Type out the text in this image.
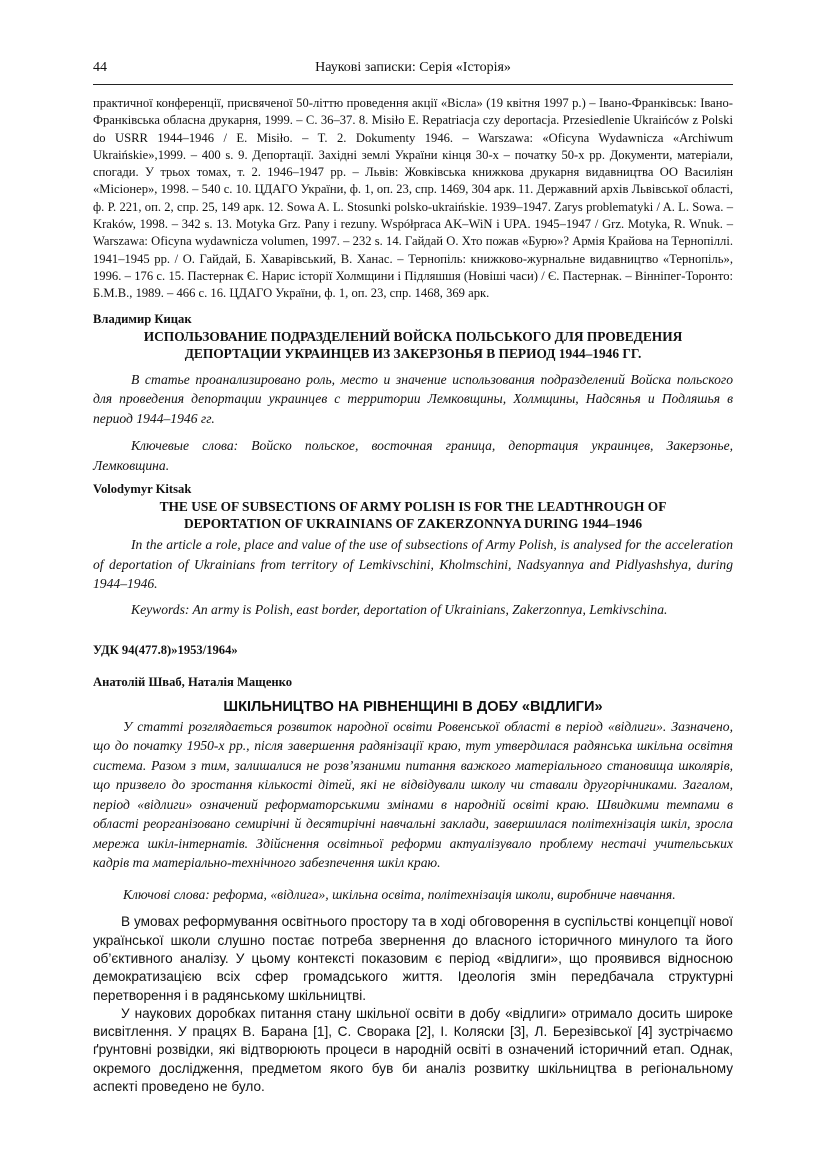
44	Наукові записки: Серія «Історія»
практичної конференції, присвяченої 50-літтю проведення акції «Вісла» (19 квітня 1997 р.) – Івано-Франківськ: Івано-Франківська обласна друкарня, 1999. – С. 36–37. 8. Misiło E. Repatriacja czy deportacja. Przesiedlenie Ukraińców z Polski do USRR 1944–1946 / E. Misiło. – T. 2. Dokumenty 1946. – Warszawa: «Oficyna Wydawnicza «Archiwum Ukraińskie»,1999. – 400 s. 9. Депортації. Західні землі України кінця 30-х – початку 50-х рр. Документи, матеріали, спогади. У трьох томах, т. 2. 1946–1947 рр. – Львів: Жовківська книжкова друкарня видавництва ОО Василіян «Місіонер», 1998. – 540 с. 10. ЦДАГО України, ф. 1, оп. 23, спр. 1469, 304 арк. 11. Державний архів Львівської області, ф. Р. 221, оп. 2, спр. 25, 149 арк. 12. Sowa A. L. Stosunki polsko-ukraińskie. 1939–1947. Zarys problematyki / A. L. Sowa. – Kraków, 1998. – 342 s. 13. Motyka Grz. Pany i rezuny. Współpraca AK–WiN i UPA. 1945–1947 / Grz. Motyka, R. Wnuk. – Warszawa: Oficyna wydawnicza volumen, 1997. – 232 s. 14. Гайдай О. Хто пожав «Бурю»? Армія Крайова на Тернопіллі. 1941–1945 рр. / О. Гайдай, Б. Хаварівський, В. Ханас. – Тернопіль: книжково-журнальне видавництво «Тернопіль», 1996. – 176 с. 15. Пастернак Є. Нарис історії Холмщини і Підляшшя (Новіші часи) / Є. Пастернак. – Вінніпег-Торонто: Б.М.В., 1989. – 466 с. 16. ЦДАГО України, ф. 1, оп. 23, спр. 1468, 369 арк.
Владимир Кицак
ИСПОЛЬЗОВАНИЕ ПОДРАЗДЕЛЕНИЙ ВОЙСКА ПОЛЬСЬКОГО ДЛЯ ПРОВЕДЕНИЯ
ДЕПОРТАЦИИ УКРАИНЦЕВ ИЗ ЗАКЕРЗОНЬЯ В ПЕРИОД 1944–1946 ГГ.

В статье проанализировано роль, место и значение использования подразделений Войска польского для проведения депортации украинцев с территории Лемковщины, Холмщины, Надсянья и Подляшья в период 1944–1946 гг.

Ключевые слова: Войско польское, восточная граница, депортация украинцев, Закерзонье, Лемковщина.

Volodymyr Kitsak
THE USE OF SUBSECTIONS OF ARMY POLISH IS FOR THE LEADTHROUGH OF
DEPORTATION OF UKRAINIANS OF ZAKERZONNYA DURING 1944–1946

In the article a role, place and value of the use of subsections of Army Polish, is analysed for the acceleration of deportation of Ukrainians from territory of Lemkivschini, Kholmschini, Nadsyannya and Pidlyashshya, during 1944–1946.

Keywords: An army is Polish, east border, deportation of Ukrainians, Zakerzonnya, Lemkivschina.

УДК 94(477.8)»1953/1964»
Анатолій Шваб, Наталія Мащенко
ШКІЛЬНИЦТВО НА РІВНЕНЩИНІ В ДОБУ «ВІДЛИГИ»

У статті розглядається розвиток народної освіти Ровенської області в період «відлиги». Зазначено, що до початку 1950-х рр., після завершення радянізації краю, тут утвердилася радянська шкільна освітня система. Разом з тим, залишалися не розв’язаними питання важкого матеріального становища школярів, що призвело до зростання кількості дітей, які не відвідували школу чи ставали другорічниками. Загалом, період «відлиги» означений реформаторськими змінами в народній освіті краю. Швидкими темпами в області реорганізовано семирічні й десятирічні навчальні заклади, завершилася політехнізація шкіл, зросла мережа шкіл-інтернатів. Здійснення освітньої реформи актуалізувало проблему нестачі учительських кадрів та матеріально-технічного забезпечення шкіл краю.

Ключові слова: реформа, «відлига», шкільна освіта, політехнізація школи, виробниче навчання.

В умовах реформування освітнього простору та в ході обговорення в суспільстві концепції нової української школи слушно постає потреба звернення до власного історичного минулого та його об’єктивного аналізу. У цьому контексті показовим є період «відлиги», що проявився відносною демократизацією всіх сфер громадського життя. Ідеологія змін передбачала структурні перетворення і в радянському шкільництві.

У наукових доробках питання стану шкільної освіти в добу «відлиги» отримало досить широке висвітлення. У працях В. Барана [1], С. Сворака [2], І. Коляски [3], Л. Березівської [4] зустрічаємо ґрунтовні розвідки, які відтворюють процеси в народній освіті в означений історичний етап. Однак, окремого дослідження, предметом якого був би аналіз розвитку шкільництва в регіональному аспекті проведено не було.
